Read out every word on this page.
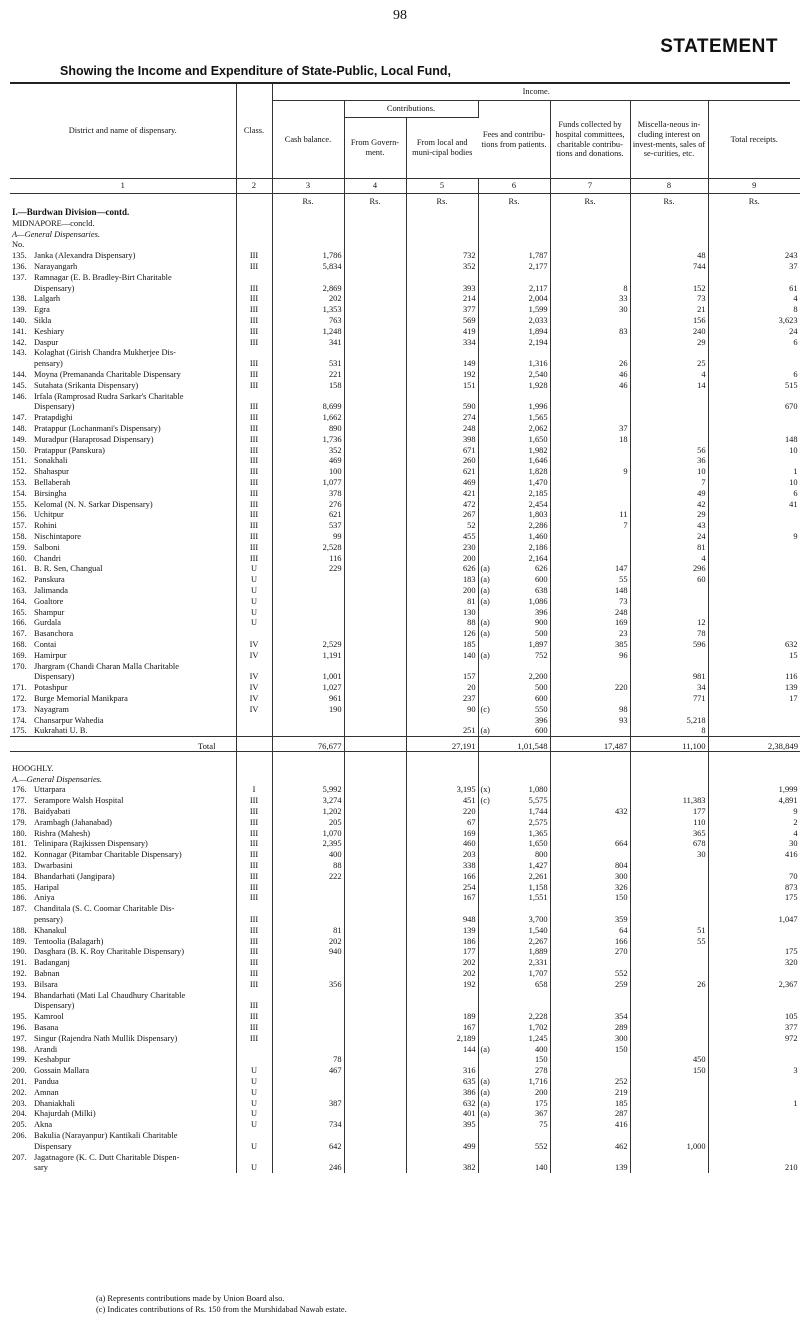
98
STATEMENT
Showing the Income and Expenditure of State-Public, Local Fund,
District and name of dispensary.	Class.	Income.							
		Cash balance.	Contributions.		Fees and contribu-tions from patients.	Funds collected by hospital committees, charitable contribu-tions and donations.	Miscella-neous in-cluding interest on invest-ments, sales of se-curities, etc.	Total receipts.	
			From Govern-ment.	From local and muni-cipal bodies					
1	2	3	4	5	6	7	8	9	
		Rs.	Rs.	Rs.	Rs.	Rs.	Rs.	Rs.	
I.—Burdwan Division—contd.									
MIDNAPORE—concld.									
A—General Dispensaries.									
No.									
135. Janka (Alexandra Dispensary)	III	1,786		732	1,787		48	243	
136. Narayangarh	III	5,834		352	2,177		744	37	
137. Ramnagar (E. B. Bradley-Birt Charitable					

Dispensary)	III	2,869		393	2,117	8	152	61	
138. Lalgarh	III	202		214	2,004	33	73	4	
139. Egra	III	1,353		377	1,599	30	21	8	
140. Sikla	III	763		569	2,033		156	3,623	
141. Keshiary	III	1,248		419	1,894	83	240	24	
142. Daspur	III	341		334	2,194		29	6	
143. Kolaghat (Girish Chandra Mukherjee Dis-					

pensary)	III	531		149	1,316	26	25		
144. Moyna (Premananda Charitable Dispensary	III	221		192	2,540	46	4	6	
145. Sutahata (Srikanta Dispensary)	III	158		151	1,928	46	14	515	
146. Irfala (Ramprosad Rudra Sarkar's Charitable					

Dispensary)	III	8,699		590	1,996			670	
147. Pratapdighi	III	1,662		274	1,565				
148. Pratappur (Lochanmani's Dispensary)	III	890		248	2,062	37			
149. Muradpur (Haraprosad Dispensary)	III	1,736		398	1,650	18		148	
150. Pratappur (Panskura)	III	352		671	1,982		56	10	
151. Sonakhali	III	469		260	1,646		36		
152. Shahaspur	III	100		621	1,828	9	10	1	
153. Bellaberah	III	1,077		469	1,470		7	10	
154. Birsingha	III	378		421	2,185		49	6	
155. Kelomal (N. N. Sarkar Dispensary)	III	276		472	2,454		42	41	
156. Uchitpur	III	621		267	1,803	11	29		
157. Rohini	III	537		52	2,286	7	43		
158. Nischintapore	III	99		455	1,460		24	9	
159. Salboni	III	2,528		230	2,186		81		
160. Chandri	III	116		200	2,164		4		
161. B. R. Sen, Changual	U	229		626	(a) 626	147	296		
162. Panskura	U			183	(a) 600	55	60		
163. Jalimanda	U			200	(a) 638	148			
164. Goaltore	U			81	(a) 1,086	73			
165. Shampur	U			130	396	248			
166. Gurdala	U			88	(a) 900	169	12		
167. Basanchora				126	(a) 500	23	78		
168. Contai	IV	2,529		185	1,897	385	596	632	
169. Hamirpur	IV	1,191		140	(a) 752	96		15	
170. Jhargram (Chandi Charan Malla Charitable					

Dispensary)	IV	1,001		157	2,200		981	116	
171. Potashpur	IV	1,027		20	500	220	34	139	
172. Burge Memorial Manikpara	IV	961		237	600		771	17	
173. Nayagram	IV	190		90	(c) 550	98			
174. Chansarpur Wahedia					396	93	5,218		
175. Kukrahati U. B.				251	(a) 600		8		
Total		76,677		27,191	1,01,548	17,487	11,100	2,38,849	

HOOGHLY.									
A.—General Dispensaries.									
176. Uttarpara	I	5,992		3,195	(x) 1,080			1,999	
177. Serampore Walsh Hospital	III	3,274		451	(c) 5,575		11,383	4,891	
178. Baidyabati	III	1,202		220	1,744	432	177	9	
179. Arambagh (Jahanabad)	III	205		67	2,575		110	2	
180. Rishra (Mahesh)	III	1,070		169	1,365		365	4	
181. Telinipara (Rajkissen Dispensary)	III	2,395		460	1,650	664	678	30	
182. Konnagar (Pitambar Charitable Dispensary)	III	400		203	800		30	416	
183. Dwarbasini	III	88		338	1,427	804			
184. Bhandarhati (Jangipara)	III	222		166	2,261	300		70	
185. Haripal	III			254	1,158	326		873	
186. Aniya	III			167	1,551	150		175	
187. Chanditala (S. C. Coomar Charitable Dis-					

pensary)	III			948	3,700	359		1,047	
188. Khanakul	III	81		139	1,540	64	51		
189. Tentoolia (Balagarh)	III	202		186	2,267	166	55		
190. Dasghara (B. K. Roy Charitable Dispensary)	III	940		177	1,889	270		175	
191. Badanganj	III			202	2,331			320	
192. Babnan	III			202	1,707	552			
193. Bilsara	III	356		192	658	259	26	2,367	
194. Bhandarhati (Mati Lal Chaudhury Charitable					

Dispensary)	III				

195. Kamrool	III			189	2,228	354		105	
196. Basana	III			167	1,702	289		377	
197. Singur (Rajendra Nath Mullik Dispensary)	III			2,189	1,245	300		972	
198. Arandi				144	(a) 400	150			
199. Keshabpur		78			150		450		
200. Gossain Mallara	U	467		316	278		150	3	
201. Pandua	U			635	(a) 1,716	252			
202. Amnan	U			386	(a) 200	219			
203. Dhaniakhali	U	387		632	(a) 175	185		1	
204. Khajurdah (Milki)	U			401	(a) 367	287			
205. Akna	U	734		395	75	416			
206. Bakulia (Narayanpur) Kantikali Charitable					

Dispensary	U	642		499	552	462	1,000		
207. Jagatnagore (K. C. Dutt Charitable Dispen-					

sary	U	246		382	140	139		210	
(a) Represents contributions made by Union Board also.
(c) Indicates contributions of Rs. 150 from the Murshidabad Nawab estate.
